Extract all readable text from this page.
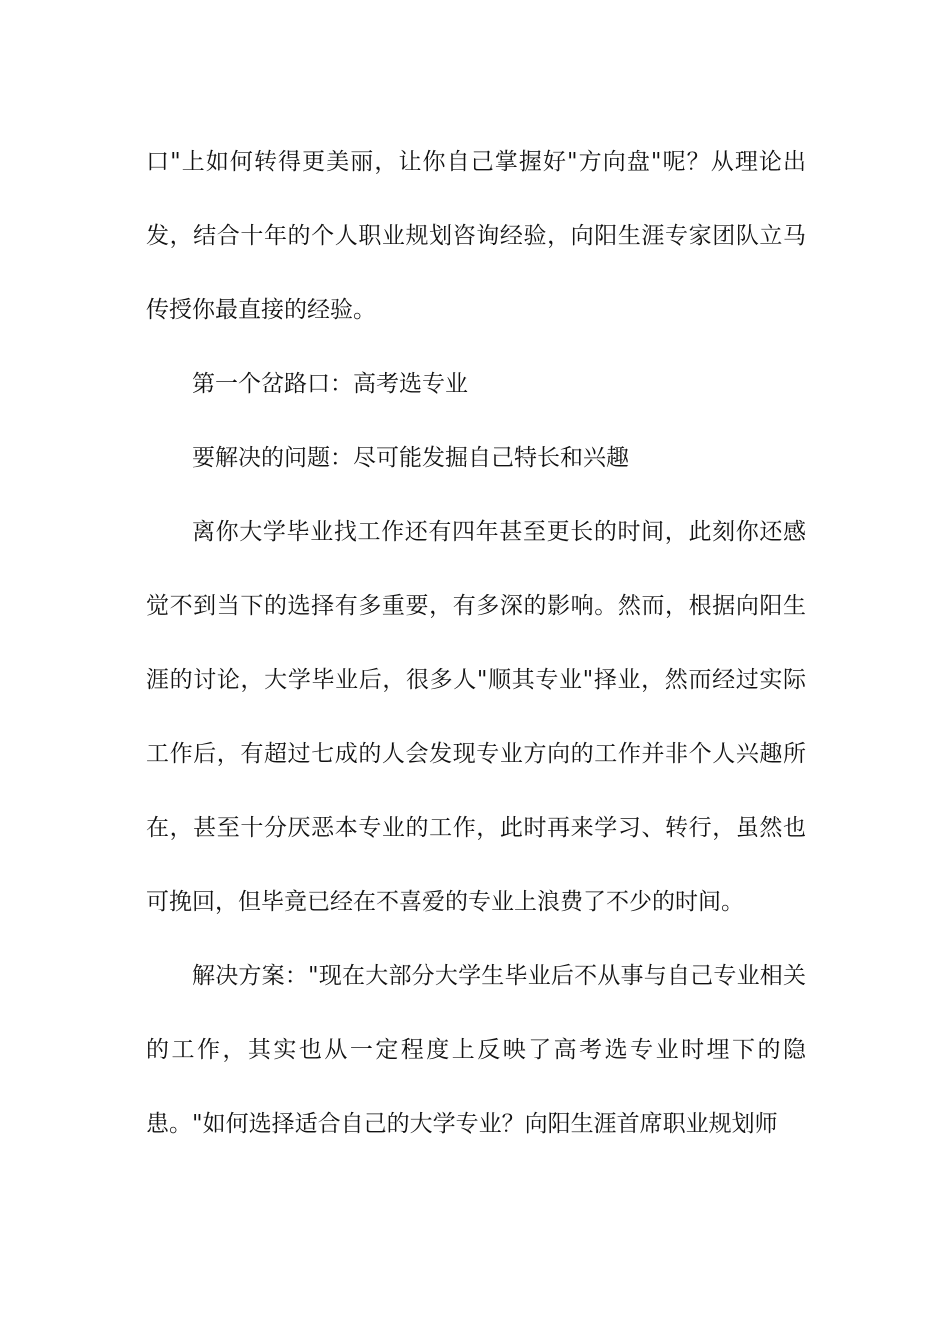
口"上如何转得更美丽，让你自己掌握好"方向盘"呢？从理论出发，结合十年的个人职业规划咨询经验，向阳生涯专家团队立马传授你最直接的经验。

第一个岔路口：高考选专业

要解决的问题：尽可能发掘自己特长和兴趣

离你大学毕业找工作还有四年甚至更长的时间，此刻你还感觉不到当下的选择有多重要，有多深的影响。然而，根据向阳生涯的讨论，大学毕业后，很多人"顺其专业"择业，然而经过实际工作后，有超过七成的人会发现专业方向的工作并非个人兴趣所在，甚至十分厌恶本专业的工作，此时再来学习、转行，虽然也可挽回，但毕竟已经在不喜爱的专业上浪费了不少的时间。

解决方案："现在大部分大学生毕业后不从事与自己专业相关的工作，其实也从一定程度上反映了高考选专业时埋下的隐患。"如何选择适合自己的大学专业？向阳生涯首席职业规划师
